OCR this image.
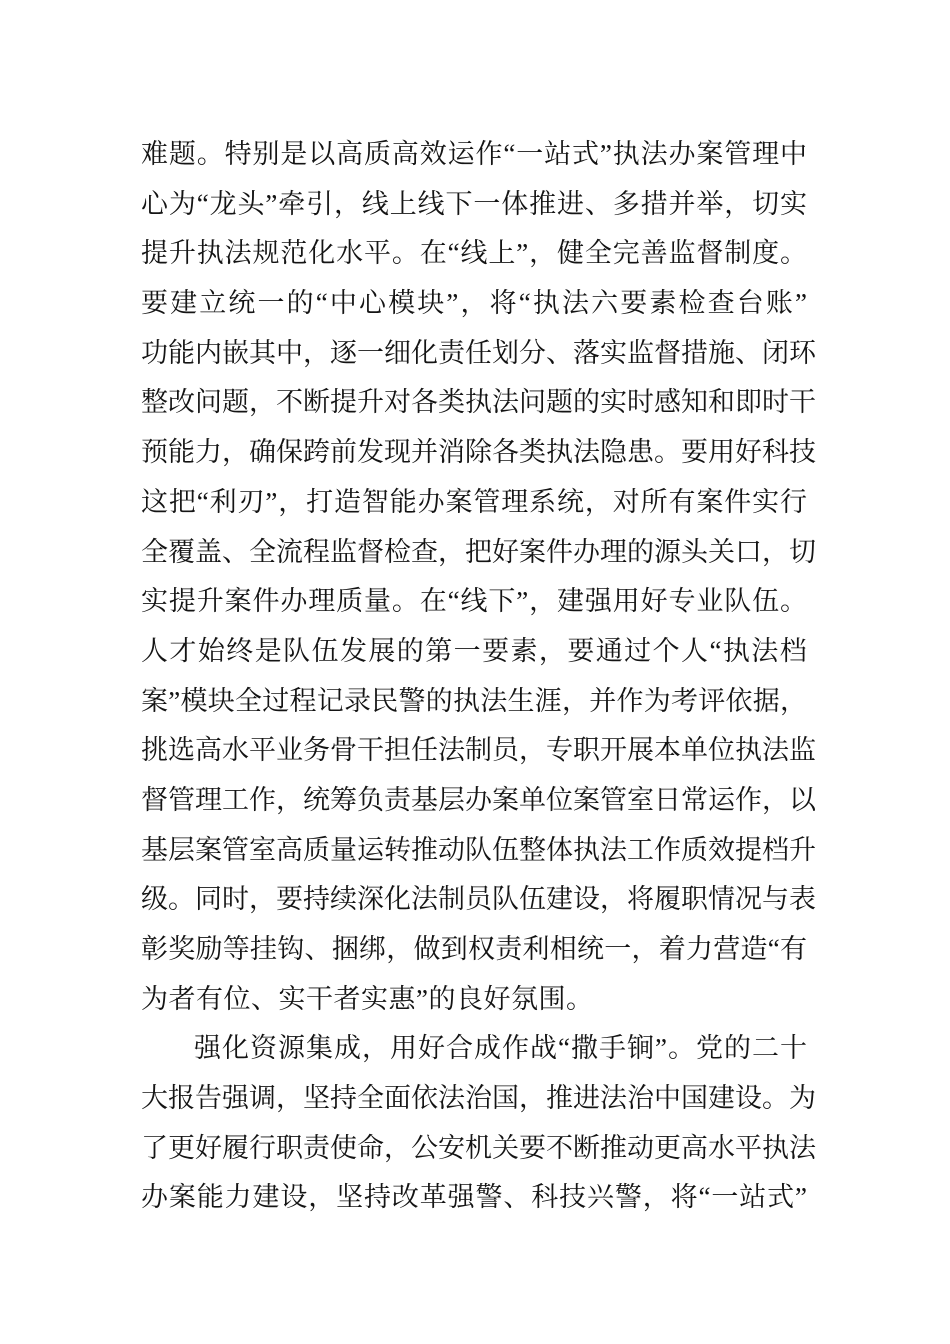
难 题 。 特 别 是 以 高 质 高 效 运 作 “ 一 站 式 ” 执 法 办 案 管 理 中
心 为 “ 龙 头 ” 牵 引 ， 线 上 线 下 一 体 推 进 、 多 措 并 举 ， 切 实
提 升 执 法 规 范 化 水 平 。 在 “ 线 上 ” ， 健 全 完 善 监 督 制 度 。
要 建 立 统 一 的 “ 中 心 模 块 ” ， 将 “ 执 法 六 要 素 检 查 台 账 ”
功 能 内 嵌 其 中 ， 逐 一 细 化 责 任 划 分 、 落 实 监 督 措 施 、 闭 环
整 改 问 题 ， 不 断 提 升 对 各 类 执 法 问 题 的 实 时 感 知 和 即 时 干
预 能 力 ， 确 保 跨 前 发 现 并 消 除 各 类 执 法 隐 患 。 要 用 好 科 技
这 把 “ 利 刃 ” ， 打 造 智 能 办 案 管 理 系 统 ， 对 所 有 案 件 实 行
全 覆 盖 、 全 流 程 监 督 检 查 ， 把 好 案 件 办 理 的 源 头 关 口 ， 切
实 提 升 案 件 办 理 质 量 。 在 “ 线 下 ” ， 建 强 用 好 专 业 队 伍 。
人 才 始 终 是 队 伍 发 展 的 第 一 要 素 ， 要 通 过 个 人 “ 执 法 档
案 ” 模 块 全 过 程 记 录 民 警 的 执 法 生 涯 ， 并 作 为 考 评 依 据 ，
挑 选 高 水 平 业 务 骨 干 担 任 法 制 员 ， 专 职 开 展 本 单 位 执 法 监
督 管 理 工 作 ， 统 筹 负 责 基 层 办 案 单 位 案 管 室 日 常 运 作 ， 以
基 层 案 管 室 高 质 量 运 转 推 动 队 伍 整 体 执 法 工 作 质 效 提 档 升
级 。 同 时 ， 要 持 续 深 化 法 制 员 队 伍 建 设 ， 将 履 职 情 况 与 表
彰 奖 励 等 挂 钩 、 捆 绑 ， 做 到 权 责 利 相 统 一 ， 着 力 营 造 “ 有
为者有位、实干者实惠”的良好氛围。
强 化 资 源 集 成 ， 用 好 合 成 作 战 “ 撒 手 锏 ” 。 党 的 二 十
大 报 告 强 调 ， 坚 持 全 面 依 法 治 国 ， 推 进 法 治 中 国 建 设 。 为
了 更 好 履 行 职 责 使 命 ， 公 安 机 关 要 不 断 推 动 更 高 水 平 执 法
办 案 能 力 建 设 ， 坚 持 改 革 强 警 、 科 技 兴 警 ， 将 “ 一 站 式 ”
